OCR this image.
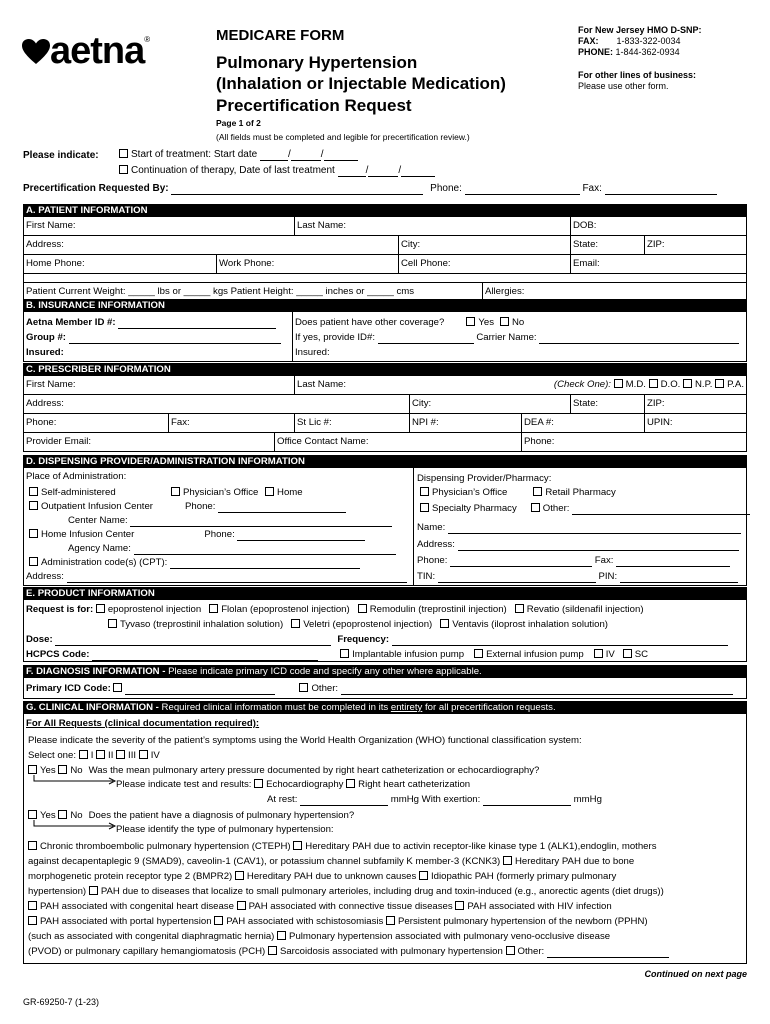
aetna®	MEDICARE FORM
Pulmonary Hypertension
(Inhalation or Injectable Medication)
Precertification Request
Page 1 of 2
(All fields must be completed and legible for precertification review.)
For New Jersey HMO D-SNP:
FAX: 1-833-322-0034
PHONE: 1-844-362-0934
For other lines of business:
Please use other form.
Please indicate:	Start of treatment: Start date	/	/
Continuation of therapy, Date of last treatment	/	/
Precertification Requested By:	Phone:	Fax:
A. PATIENT INFORMATION
First Name:	Last Name:	DOB:
Address:	City:	State:	ZIP:
Home Phone:	Work Phone:	Cell Phone:	Email:
Patient Current Weight: _____ lbs or _____ kgs Patient Height: _____ inches or _____ cms	Allergies:
B. INSURANCE INFORMATION
Aetna Member ID #:
Group #:
Insured:
Does patient have other coverage?	Yes No
If yes, provide ID#:	Carrier Name:
Insured:
C. PRESCRIBER INFORMATION
First Name:	Last Name:	(Check One): M.D. D.O. N.P. P.A.
Address:	City:	State:	ZIP:
Phone:	Fax:	St Lic #:	NPI #:	DEA #:	UPIN:
Provider Email:	Office Contact Name:	Phone:
D. DISPENSING PROVIDER/ADMINISTRATION INFORMATION
Place of Administration:
Self-administered	Physician’s Office Home
Outpatient Infusion Center	Phone:
Center Name:
Home Infusion Center	Phone:
Agency Name:
Administration code(s) (CPT):
Address:
Dispensing Provider/Pharmacy:
Physician’s Office	Retail Pharmacy
Specialty Pharmacy	Other:
Name:
Address:
Phone:	Fax:
TIN:	PIN:
E. PRODUCT INFORMATION
Request is for: epoprostenol injection Flolan (epoprostenol injection) Remodulin (treprostinil injection) Revatio (sildenafil injection)
Tyvaso (treprostinil inhalation solution) Veletri (epoprostenol injection) Ventavis (iloprost inhalation solution)
Dose:	Frequency:
HCPCS Code:	Implantable infusion pump External infusion pump IV SC
F. DIAGNOSIS INFORMATION - Please indicate primary ICD code and specify any other where applicable.
Primary ICD Code:	Other:
G. CLINICAL INFORMATION - Required clinical information must be completed in its entirety for all precertification requests.
For All Requests (clinical documentation required):
Please indicate the severity of the patient’s symptoms using the World Health Organization (WHO) functional classification system:
Select one: I II III IV
Yes No Was the mean pulmonary artery pressure documented by right heart catheterization or echocardiography?
Please indicate test and results: Echocardiography Right heart catheterization
At rest:	mmHg With exertion:	mmHg
Yes No Does the patient have a diagnosis of pulmonary hypertension?
Please identify the type of pulmonary hypertension:
Chronic thromboembolic pulmonary hypertension (CTEPH) Hereditary PAH due to activin receptor-like kinase type 1 (ALK1),endoglin, mothers
against decapentaplegic 9 (SMAD9), caveolin-1 (CAV1), or potassium channel subfamily K member-3 (KCNK3) Hereditary PAH due to bone
morphogenetic protein receptor type 2 (BMPR2) Hereditary PAH due to unknown causes Idiopathic PAH (formerly primary pulmonary
hypertension) PAH due to diseases that localize to small pulmonary arterioles, including drug and toxin-induced (e.g., anorectic agents (diet drugs))
PAH associated with congenital heart disease PAH associated with connective tissue diseases PAH associated with HIV infection
PAH associated with portal hypertension PAH associated with schistosomiasis Persistent pulmonary hypertension of the newborn (PPHN)
(such as associated with congenital diaphragmatic hernia) Pulmonary hypertension associated with pulmonary veno-occlusive disease
(PVOD) or pulmonary capillary hemangiomatosis (PCH) Sarcoidosis associated with pulmonary hypertension Other:
Continued on next page
GR-69250-7 (1-23)
